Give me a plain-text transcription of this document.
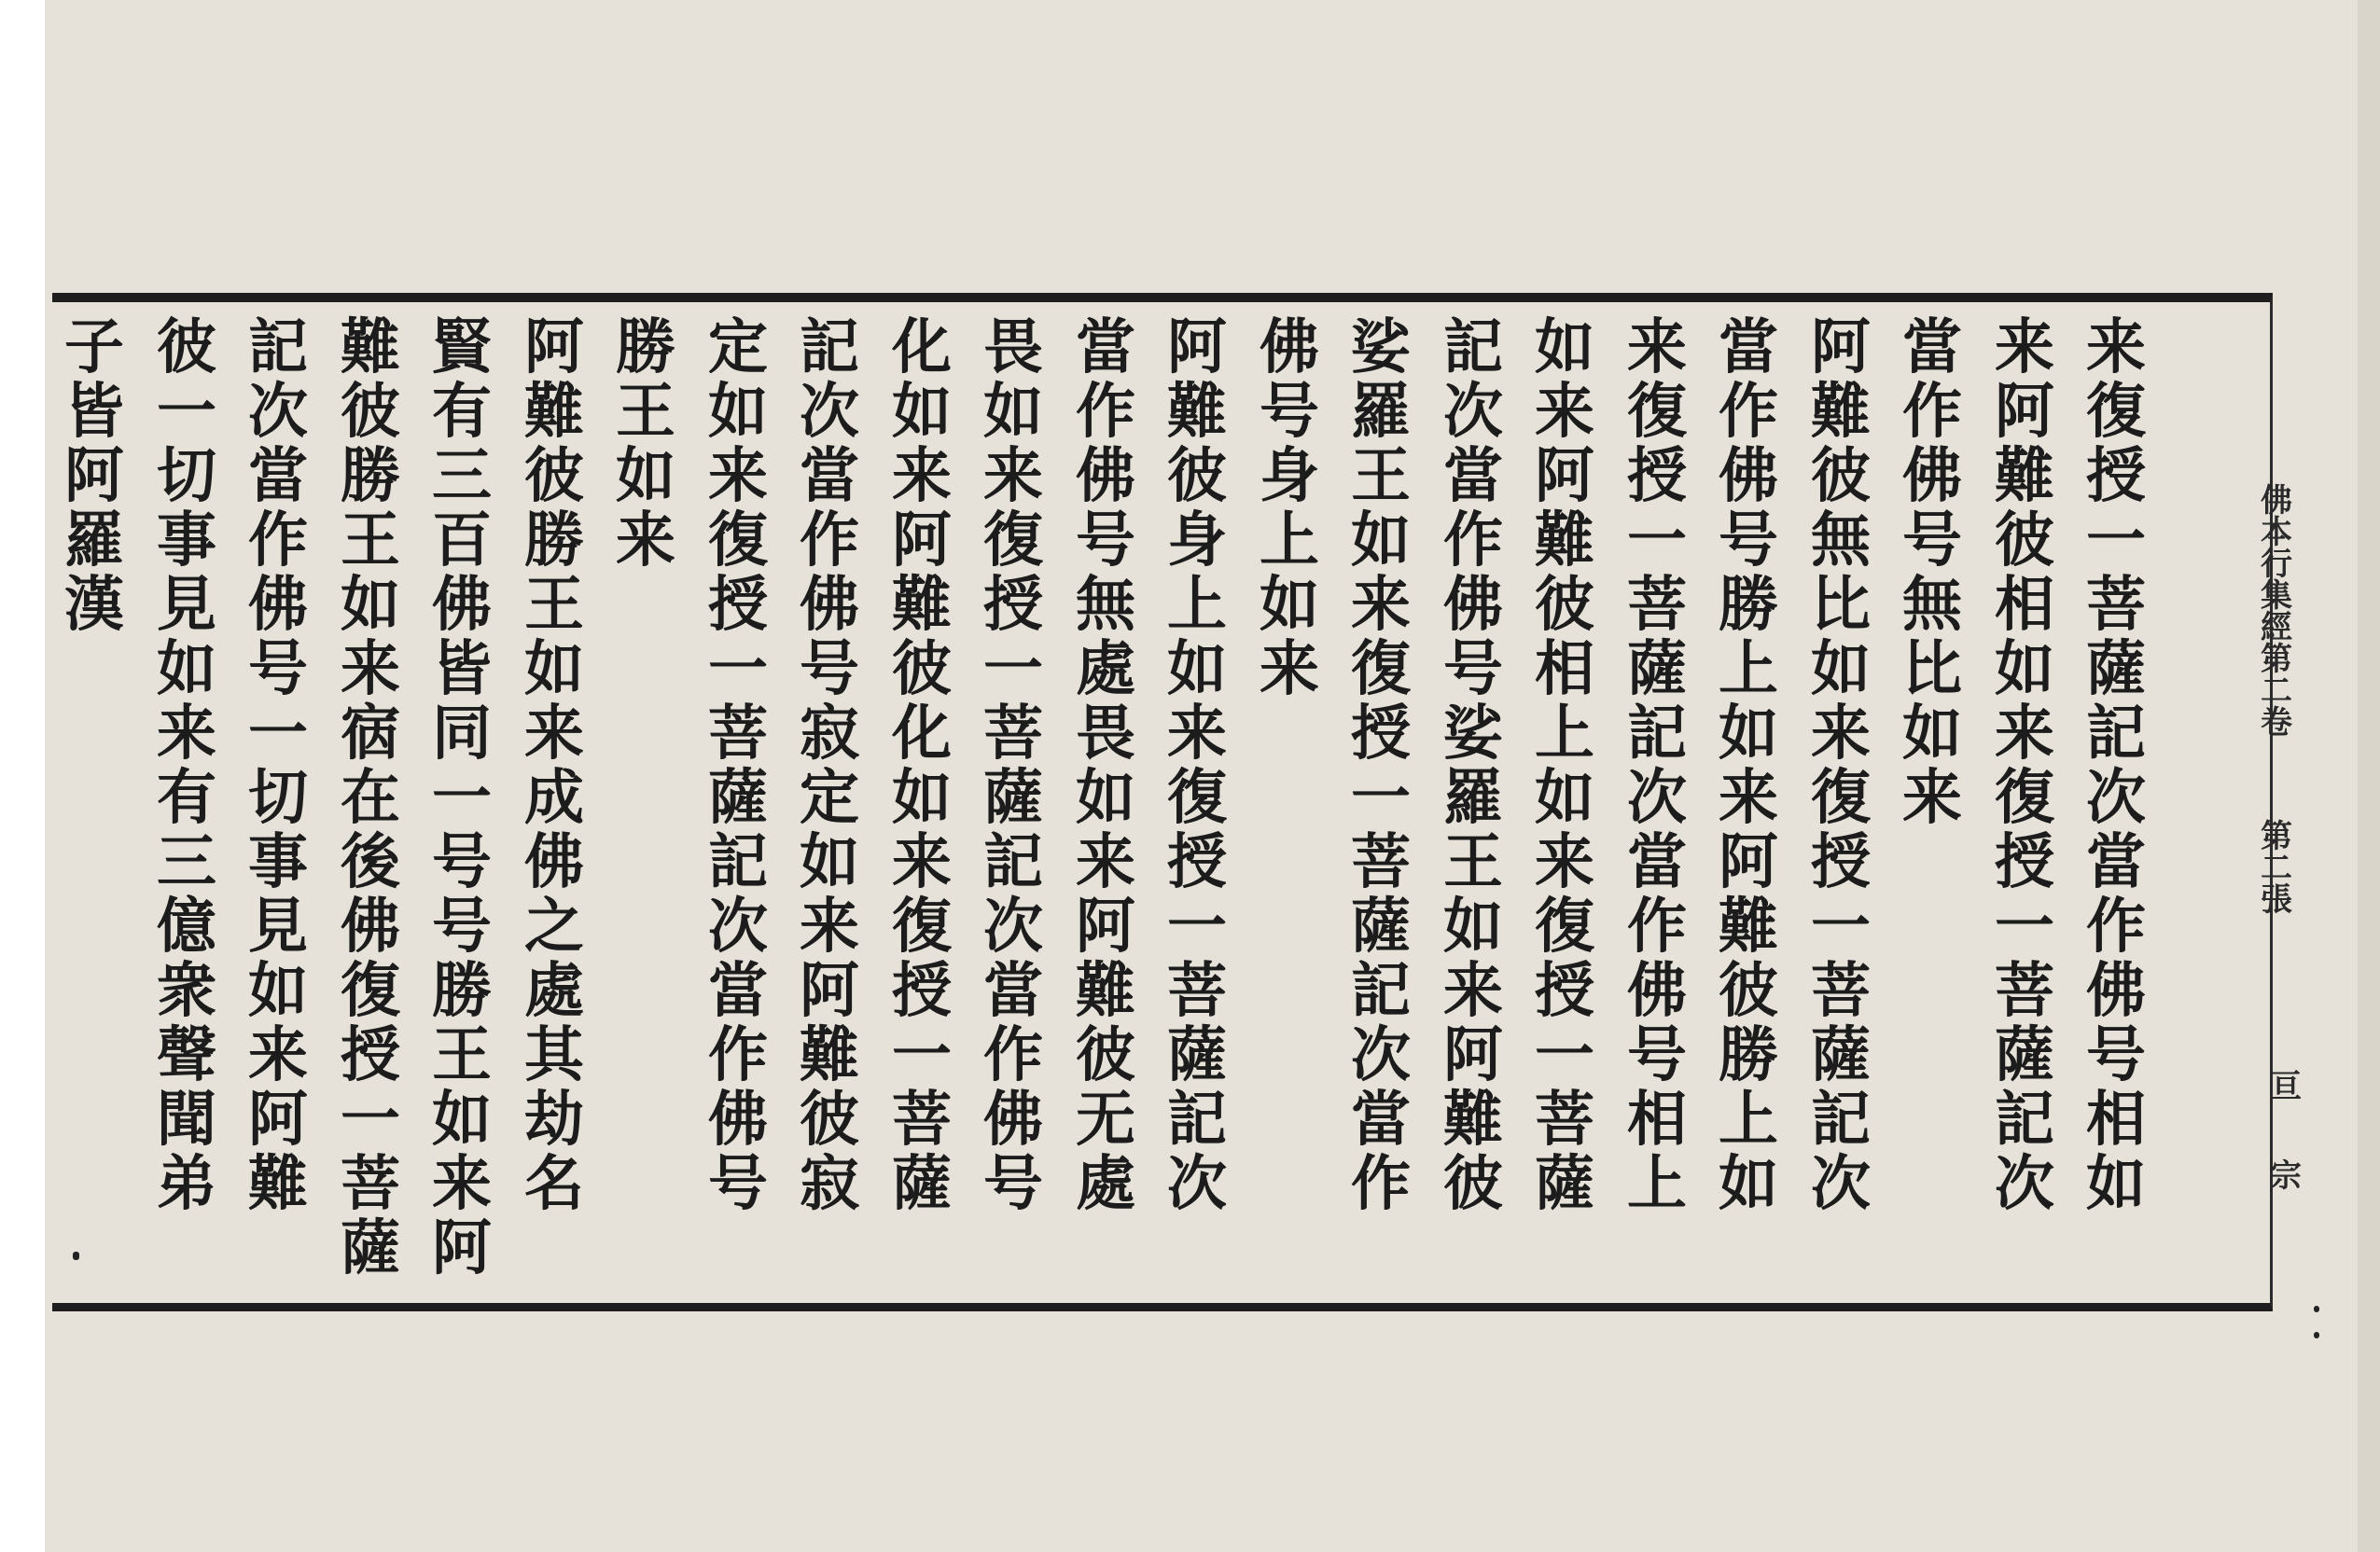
佛
本
行
集
經
第
二
卷
第
二
張
亘
宗
来
復
授
一
菩
薩
記
次
當
作
佛
号
相
如
来
阿
難
彼
相
如
来
復
授
一
菩
薩
記
次
當
作
佛
号
無
比
如
来
阿
難
彼
無
比
如
来
復
授
一
菩
薩
記
次
當
作
佛
号
勝
上
如
来
阿
難
彼
勝
上
如
来
復
授
一
菩
薩
記
次
當
作
佛
号
相
上
如
来
阿
難
彼
相
上
如
来
復
授
一
菩
薩
記
次
當
作
佛
号
娑
羅
王
如
来
阿
難
彼
娑
羅
王
如
来
復
授
一
菩
薩
記
次
當
作
佛
号
身
上
如
来
阿
難
彼
身
上
如
来
復
授
一
菩
薩
記
次
當
作
佛
号
無
處
畏
如
来
阿
難
彼
无
處
畏
如
来
復
授
一
菩
薩
記
次
當
作
佛
号
化
如
来
阿
難
彼
化
如
来
復
授
一
菩
薩
記
次
當
作
佛
号
寂
定
如
来
阿
難
彼
寂
定
如
来
復
授
一
菩
薩
記
次
當
作
佛
号
勝
王
如
来
阿
難
彼
勝
王
如
来
成
佛
之
處
其
劫
名
賢
有
三
百
佛
皆
同
一
号
号
勝
王
如
来
阿
難
彼
勝
王
如
来
㝛
在
後
佛
復
授
一
菩
薩
記
次
當
作
佛
号
一
切
事
見
如
来
阿
難
彼
一
切
事
見
如
来
有
三
億
衆
聲
聞
弟
子
皆
阿
羅
漢
